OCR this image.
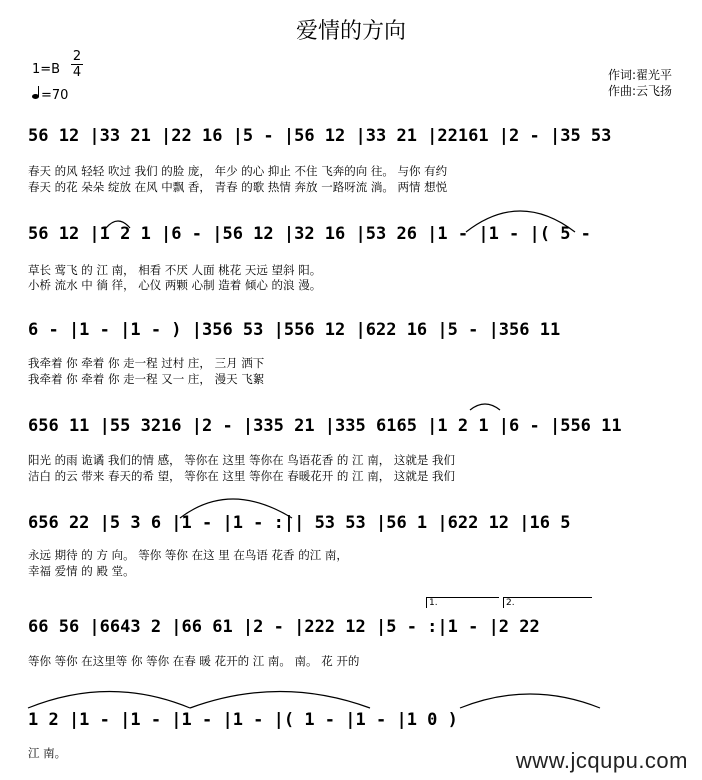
爱情的方向
1=B
2
4
=70
作词:翟光平
作曲:云飞扬
56 12 |33 21 |22 16 |5 - |56 12 |33 21 |22161 |2 - |35 53
春天 的风 轻轻 吹过 我们 的脸 庞， 年少 的心 抑止 不住 飞奔的向 往。 与你 有约
春天 的花 朵朵 绽放 在风 中飘 香， 青春 的歌 热情 奔放 一路呀流 淌。 两情 想悦
56 12 |1 2 1 |6 - |56 12 |32 16 |53 26 |1 - |1 - |( 5 -
草长 莺飞 的 江 南， 相看 不厌 人面 桃花 天远 望斜 阳。
小桥 流水 中 徜 徉， 心仪 两颗 心制 造着 倾心 的浪 漫。
6 - |1 - |1 - ) |356 53 |556 12 |622 16 |5 - |356 11
我牵着 你 牵着 你 走一程 过村 庄， 三月 洒下
我牵着 你 牵着 你 走一程 又一 庄， 漫天 飞絮
656 11 |55 3216 |2 - |335 21 |335 6165 |1 2 1 |6 - |556 11
阳光 的雨 诡谲 我们的情 感， 等你在 这里 等你在 鸟语花香 的 江 南， 这就是 我们
洁白 的云 带来 春天的希 望， 等你在 这里 等你在 春暖花开 的 江 南， 这就是 我们
656 22 |5 3 6 |1 - |1 - :|| 53 53 |56 1 |622 12 |16 5
永远 期待 的 方 向。 等你 等你 在这 里 在鸟语 花香 的江 南，
幸福 爱情 的 殿 堂。
1.	2.
66 56 |6643 2 |66 61 |2 - |222 12 |5 - :|1 - |2 22
等你 等你 在这里等 你 等你 在春 暖 花开的 江 南。 南。 花 开的
1 2 |1 - |1 - |1 - |1 - |( 1 - |1 - |1 0 )
江 南。	www.jcqupu.com
